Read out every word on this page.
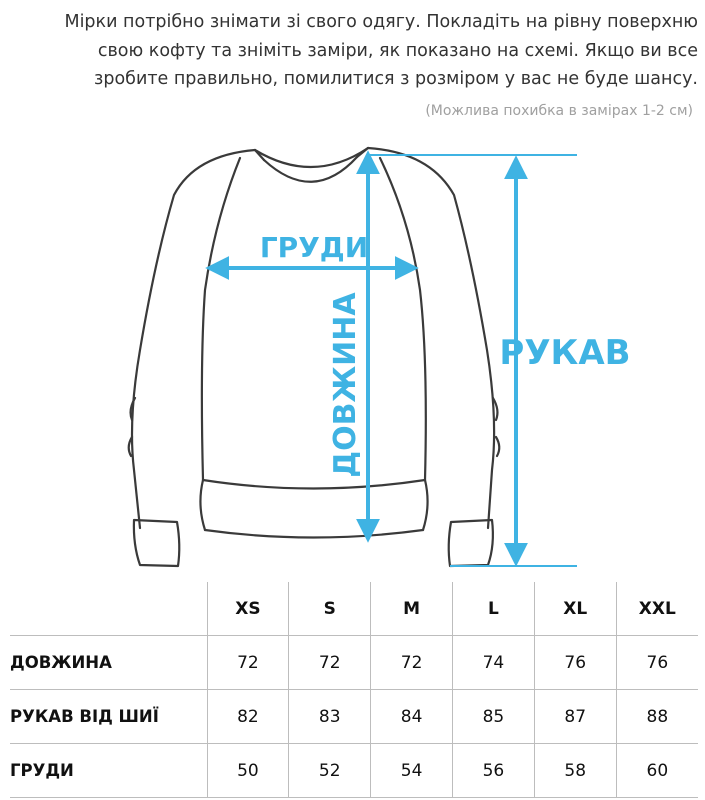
Мірки потрібно знімати зі свого одягу. Покладіть на рівну поверхню
свою кофту та зніміть заміри, як показано на схемі. Якщо ви все
зробите правильно, помилитися з розміром у вас не буде шансу.
(Можлива похибка в замірах 1-2 см)
ГРУДИ
ДОВЖИНА	РУКАВ
	XS	S	M	L	XL	XXL
ДОВЖИНА	72	72	72	74	76	76
РУКАВ ВІД ШИЇ	82	83	84	85	87	88
ГРУДИ	50	52	54	56	58	60
